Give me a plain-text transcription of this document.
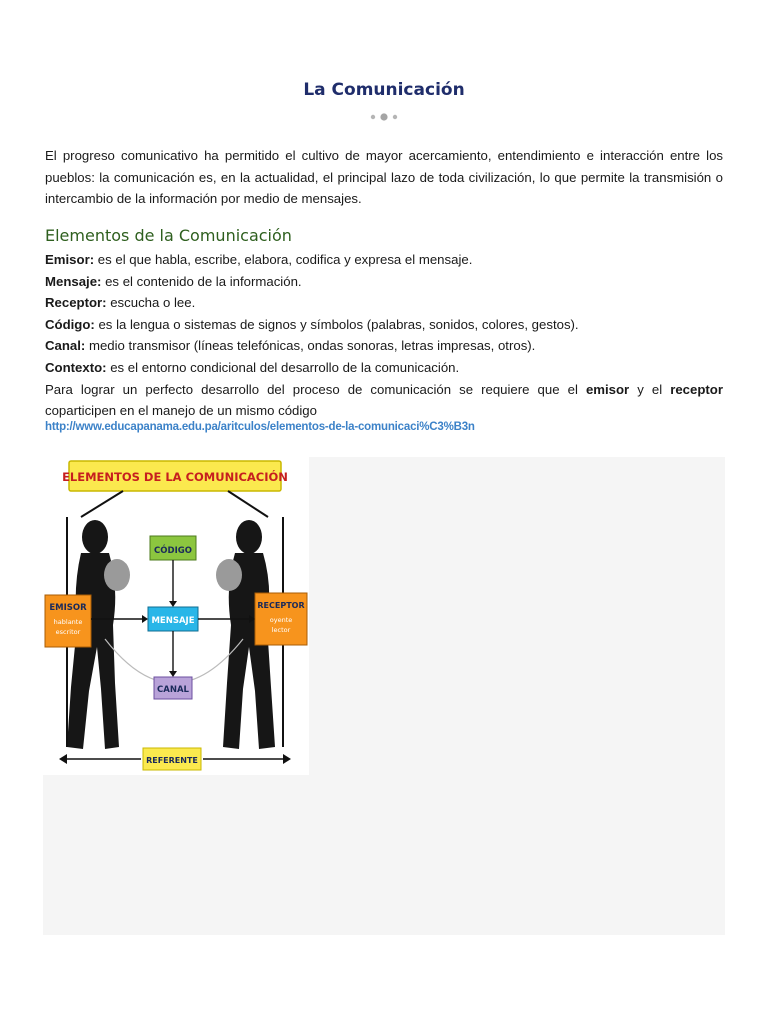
La Comunicación

El progreso comunicativo ha permitido el cultivo de mayor acercamiento, entendimiento e interacción entre los pueblos: la comunicación es, en la actualidad, el principal lazo de toda civilización, lo que permite la transmisión o intercambio de la información por medio de mensajes.

Elementos de la Comunicación

Emisor: es el que habla, escribe, elabora, codifica y expresa el mensaje.

Mensaje: es el contenido de la información.

Receptor: escucha o lee.

Código: es la lengua o sistemas de signos y símbolos (palabras, sonidos, colores, gestos).

Canal: medio transmisor (líneas telefónicas, ondas sonoras, letras impresas, otros).

Contexto: es el entorno condicional del desarrollo de la comunicación.

Para lograr un perfecto desarrollo del proceso de comunicación se requiere que el emisor y el receptor coparticipen en el manejo de un mismo código

http://www.educapanama.edu.pa/aritculos/elementos-de-la-comunicaci%C3%B3n
ELEMENTOS DE LA COMUNICACIÓN
CÓDIGO
MENSAJE
EMISOR
hablante
escritor
RECEPTOR
oyente
lector
CANAL
REFERENTE
